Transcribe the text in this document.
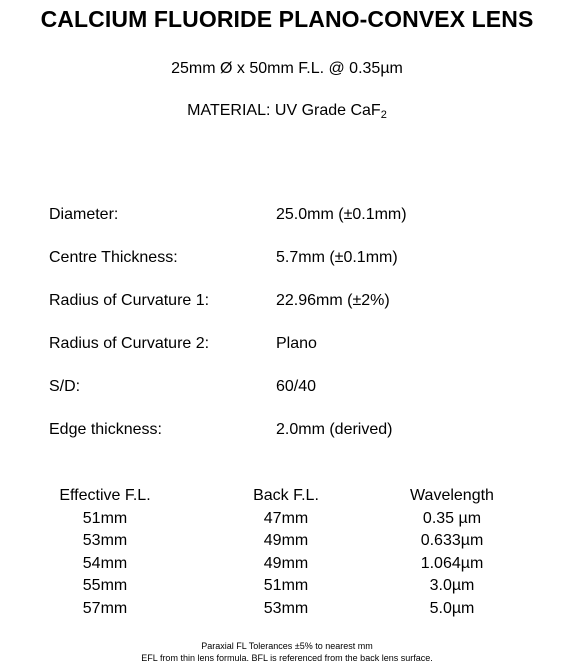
CALCIUM FLUORIDE PLANO-CONVEX LENS
25mm Ø x 50mm F.L. @ 0.35µm
MATERIAL: UV Grade CaF$_2$
Diameter:	25.0mm (±0.1mm)
Centre Thickness:	5.7mm (±0.1mm)
Radius of Curvature 1:	22.96mm (±2%)
Radius of Curvature 2:	Plano
S/D:	60/40
Edge thickness:	2.0mm (derived)
Effective F.L.	Back F.L.	Wavelength
51mm	47mm	0.35 µm
53mm	49mm	0.633µm
54mm	49mm	1.064µm
55mm	51mm	3.0µm
57mm	53mm	5.0µm
Paraxial FL Tolerances ±5% to nearest mm
EFL from thin lens formula. BFL is referenced from the back lens surface.
